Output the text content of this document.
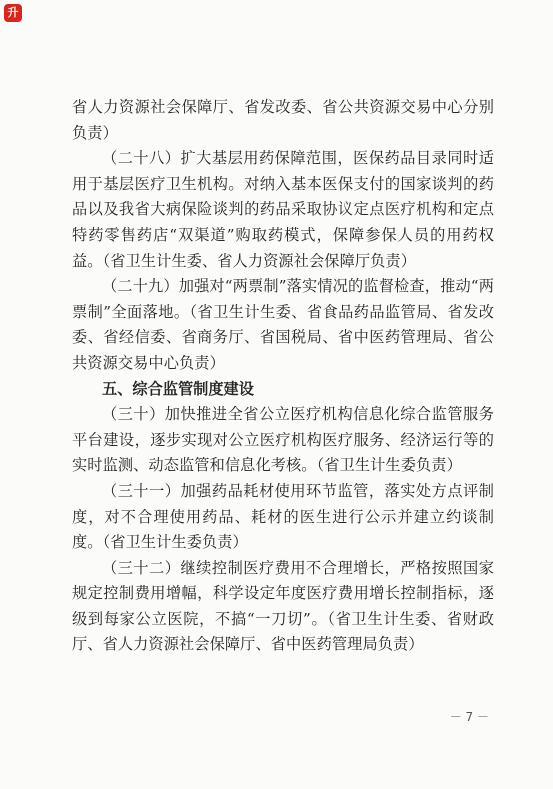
升

省人力资源社会保障厅、省发改委、省公共资源交易中心分别负责）

（二十八）扩大基层用药保障范围，医保药品目录同时适用于基层医疗卫生机构。对纳入基本医保支付的国家谈判的药品以及我省大病保险谈判的药品采取协议定点医疗机构和定点特药零售药店“双渠道”购取药模式，保障参保人员的用药权益。（省卫生计生委、省人力资源社会保障厅负责）

（二十九）加强对“两票制”落实情况的监督检查，推动“两票制”全面落地。（省卫生计生委、省食品药品监管局、省发改委、省经信委、省商务厅、省国税局、省中医药管理局、省公共资源交易中心负责）

五、综合监管制度建设

（三十）加快推进全省公立医疗机构信息化综合监管服务平台建设，逐步实现对公立医疗机构医疗服务、经济运行等的实时监测、动态监管和信息化考核。（省卫生计生委负责）

（三十一）加强药品耗材使用环节监管，落实处方点评制度，对不合理使用药品、耗材的医生进行公示并建立约谈制度。（省卫生计生委负责）

（三十二）继续控制医疗费用不合理增长，严格按照国家规定控制费用增幅，科学设定年度医疗费用增长控制指标，逐级到每家公立医院，不搞“一刀切”。（省卫生计生委、省财政厅、省人力资源社会保障厅、省中医药管理局负责）

－ 7 －
